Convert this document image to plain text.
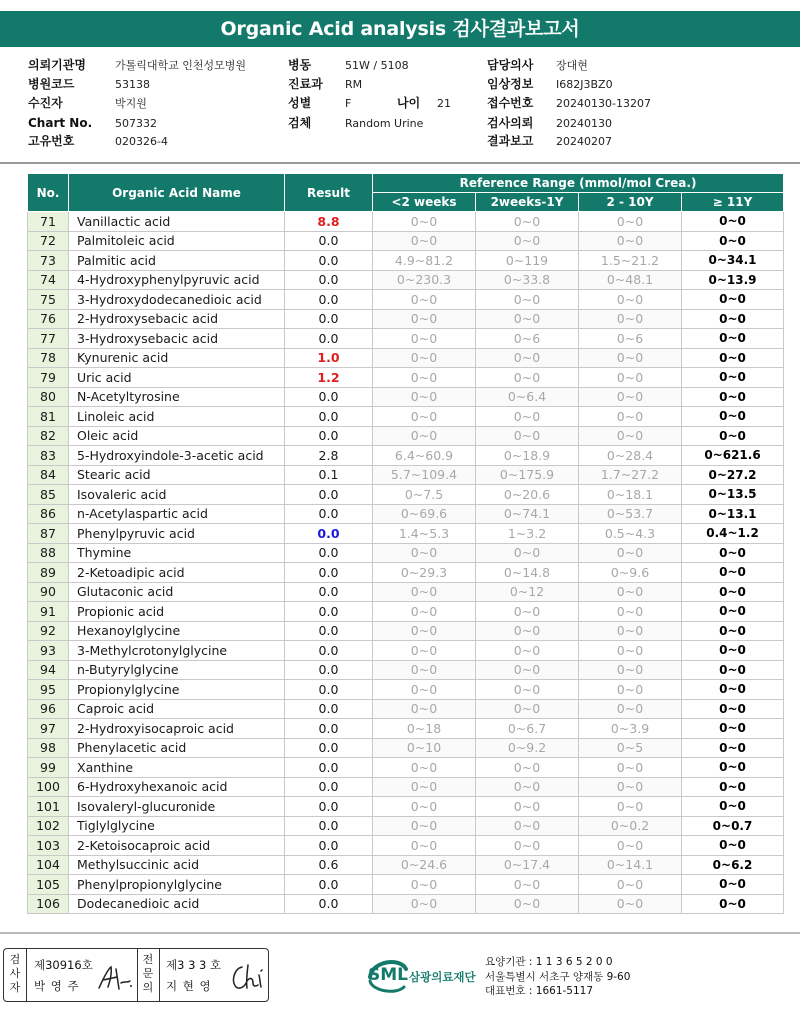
Organic Acid analysis 검사결과보고서
의뢰기관명	가톨릭대학교 인천성모병원	병동	51W / 5108	담당의사 장대현
병원코드	53138	진료과 RM	임상정보 I682J3BZ0
수진자	박지원	성별	F	나이 21	접수번호 20240130-13207
Chart No. 507332	검체	Random Urine	검사의뢰 20240130
고유번호	020326-4	결과보고 20240207
No.	Organic Acid Name	Result	Reference Range (mmol/mol Crea.)			
			<2 weeks	2weeks-1Y	2 - 10Y	≥ 11Y
71	Vanillactic acid	8.8	0~0	0~0	0~0	0~0
72	Palmitoleic acid	0.0	0~0	0~0	0~0	0~0
73	Palmitic acid	0.0	4.9~81.2	0~119	1.5~21.2	0~34.1
74	4-Hydroxyphenylpyruvic acid	0.0	0~230.3	0~33.8	0~48.1	0~13.9
75	3-Hydroxydodecanedioic acid	0.0	0~0	0~0	0~0	0~0
76	2-Hydroxysebacic acid	0.0	0~0	0~0	0~0	0~0
77	3-Hydroxysebacic acid	0.0	0~0	0~6	0~6	0~0
78	Kynurenic acid	1.0	0~0	0~0	0~0	0~0
79	Uric acid	1.2	0~0	0~0	0~0	0~0
80	N-Acetyltyrosine	0.0	0~0	0~6.4	0~0	0~0
81	Linoleic acid	0.0	0~0	0~0	0~0	0~0
82	Oleic acid	0.0	0~0	0~0	0~0	0~0
83	5-Hydroxyindole-3-acetic acid	2.8	6.4~60.9	0~18.9	0~28.4	0~621.6
84	Stearic acid	0.1	5.7~109.4	0~175.9	1.7~27.2	0~27.2
85	Isovaleric acid	0.0	0~7.5	0~20.6	0~18.1	0~13.5
86	n-Acetylaspartic acid	0.0	0~69.6	0~74.1	0~53.7	0~13.1
87	Phenylpyruvic acid	0.0	1.4~5.3	1~3.2	0.5~4.3	0.4~1.2
88	Thymine	0.0	0~0	0~0	0~0	0~0
89	2-Ketoadipic acid	0.0	0~29.3	0~14.8	0~9.6	0~0
90	Glutaconic acid	0.0	0~0	0~12	0~0	0~0
91	Propionic acid	0.0	0~0	0~0	0~0	0~0
92	Hexanoylglycine	0.0	0~0	0~0	0~0	0~0
93	3-Methylcrotonylglycine	0.0	0~0	0~0	0~0	0~0
94	n-Butyrylglycine	0.0	0~0	0~0	0~0	0~0
95	Propionylglycine	0.0	0~0	0~0	0~0	0~0
96	Caproic acid	0.0	0~0	0~0	0~0	0~0
97	2-Hydroxyisocaproic acid	0.0	0~18	0~6.7	0~3.9	0~0
98	Phenylacetic acid	0.0	0~10	0~9.2	0~5	0~0
99	Xanthine	0.0	0~0	0~0	0~0	0~0
100	6-Hydroxyhexanoic acid	0.0	0~0	0~0	0~0	0~0
101	Isovaleryl-glucuronide	0.0	0~0	0~0	0~0	0~0
102	Tiglylglycine	0.0	0~0	0~0	0~0.2	0~0.7
103	2-Ketoisocaproic acid	0.0	0~0	0~0	0~0	0~0
104	Methylsuccinic acid	0.6	0~24.6	0~17.4	0~14.1	0~6.2
105	Phenylpropionylglycine	0.0	0~0	0~0	0~0	0~0
106	Dodecanedioic acid	0.0	0~0	0~0	0~0	0~0
검사자
제30916호
박 영 주
전문의
제3 3 3 호
지 현 영
SML 삼광의료재단
요양기관 : 1 1 3 6 5 2 0 0
서울특별시 서초구 양재동 9-60
대표번호 : 1661-5117
